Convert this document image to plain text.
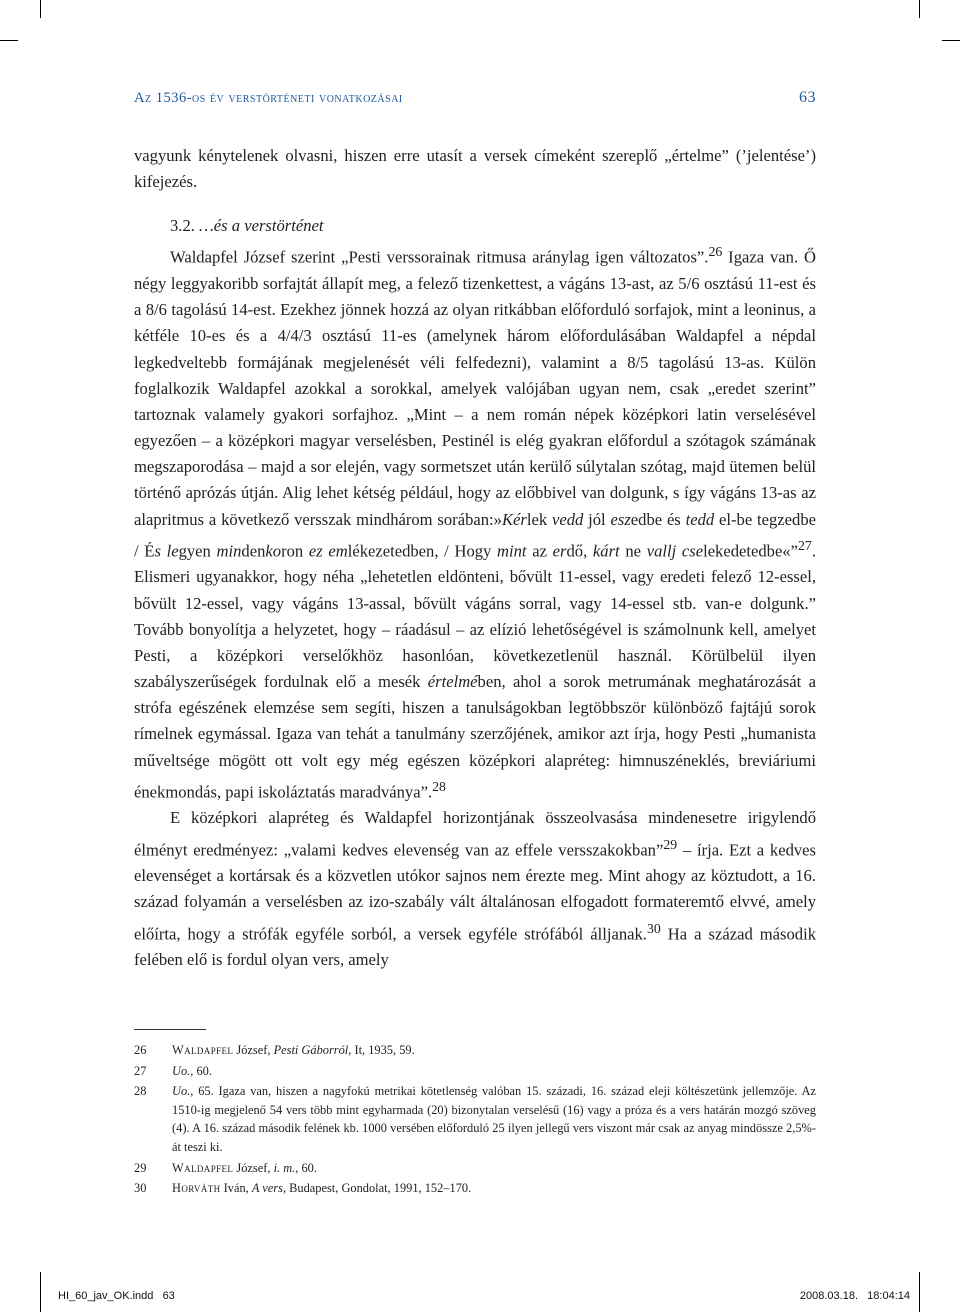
Az 1536-os év verstörténeti vonatkozásai	63

vagyunk kénytelenek olvasni, hiszen erre utasít a versek címeként szereplő „értelme” (’jelentése’) kifejezés.

3.2. …és a verstörténet

Waldapfel József szerint „Pesti verssorainak ritmusa aránylag igen változatos”.$^{26}$ Igaza van. Ő négy leggyakoribb sorfajtát állapít meg, a felező tizenkettest, a vágáns 13-ast, az 5/6 osztású 11-est és a 8/6 tagolású 14-est. Ezekhez jönnek hozzá az olyan ritkábban előforduló sorfajok, mint a leoninus, a kétféle 10-es és a 4/4/3 osztású 11-es (amelynek három előfordulásában Waldapfel a népdal legkedveltebb formájának megjelenését véli felfedezni), valamint a 8/5 tagolású 13-as. Külön foglalkozik Waldapfel azokkal a sorokkal, amelyek valójában ugyan nem, csak „eredet szerint” tartoznak valamely gyakori sorfajhoz. „Mint – a nem román népek középkori latin verselésével egyezően – a középkori magyar verselésben, Pestinél is elég gyakran előfordul a szótagok számának megszaporodása – majd a sor elején, vagy sormetszet után kerülő súlytalan szótag, majd ütemen belül történő aprózás útján. Alig lehet kétség például, hogy az előbbivel van dolgunk, s így vágáns 13-as az alapritmus a következő versszak mindhárom sorában:»Kérlek vedd jól eszedbe és tedd el-be tegzedbe / És legyen mindenkoron ez emlékezetedben, / Hogy mint az erdő, kárt ne vallj cselekedetedbe«”$^{27}$. Elismeri ugyanakkor, hogy néha „lehetetlen eldönteni, bővült 11-essel, vagy eredeti felező 12-essel, bővült 12-essel, vagy vágáns 13-assal, bővült vágáns sorral, vagy 14-essel stb. van-e dolgunk.” Tovább bonyolítja a helyzetet, hogy – ráadásul – az elízió lehetőségével is számolnunk kell, amelyet Pesti, a középkori verselőkhöz hasonlóan, következetlenül használ. Körülbelül ilyen szabályszerűségek fordulnak elő a mesék értelmében, ahol a sorok metrumának meghatározását a strófa egészének elemzése sem segíti, hiszen a tanulságokban legtöbbször különböző fajtájú sorok rímelnek egymással. Igaza van tehát a tanulmány szerzőjének, amikor azt írja, hogy Pesti „humanista műveltsége mögött ott volt egy még egészen középkori alapréteg: himnuszéneklés, breviáriumi énekmondás, papi iskoláztatás maradványa”.$^{28}$

E középkori alapréteg és Waldapfel horizontjának összeolvasása mindenesetre irigylendő élményt eredményez: „valami kedves elevenség van az effele versszakokban”$^{29}$ – írja. Ezt a kedves elevenséget a kortársak és a közvetlen utókor sajnos nem érezte meg. Mint ahogy az köztudott, a 16. század folyamán a verselésben az izo-szabály vált általánosan elfogadott formateremtő elvvé, amely előírta, hogy a strófák egyféle sorból, a versek egyféle strófából álljanak.$^{30}$ Ha a század második felében elő is fordul olyan vers, amely

26	Waldapfel József, Pesti Gáborról, It, 1935, 59.
27	Uo., 60.
28	Uo., 65. Igaza van, hiszen a nagyfokú metrikai kötetlenség valóban 15. századi, 16. század eleji költészetünk jellemzője. Az 1510-ig megjelenő 54 vers több mint egyharmada (20) bizonytalan verselésű (16) vagy a próza és a vers határán mozgó szöveg (4). A 16. század második felének kb. 1000 versében előforduló 25 ilyen jellegű vers viszont már csak az anyag mindössze 2,5%-át teszi ki.
29	Waldapfel József, i. m., 60.
30	Horváth Iván, A vers, Budapest, Gondolat, 1991, 152–170.
HI_60_jav_OK.indd   63	2008.03.18.   18:04:14
